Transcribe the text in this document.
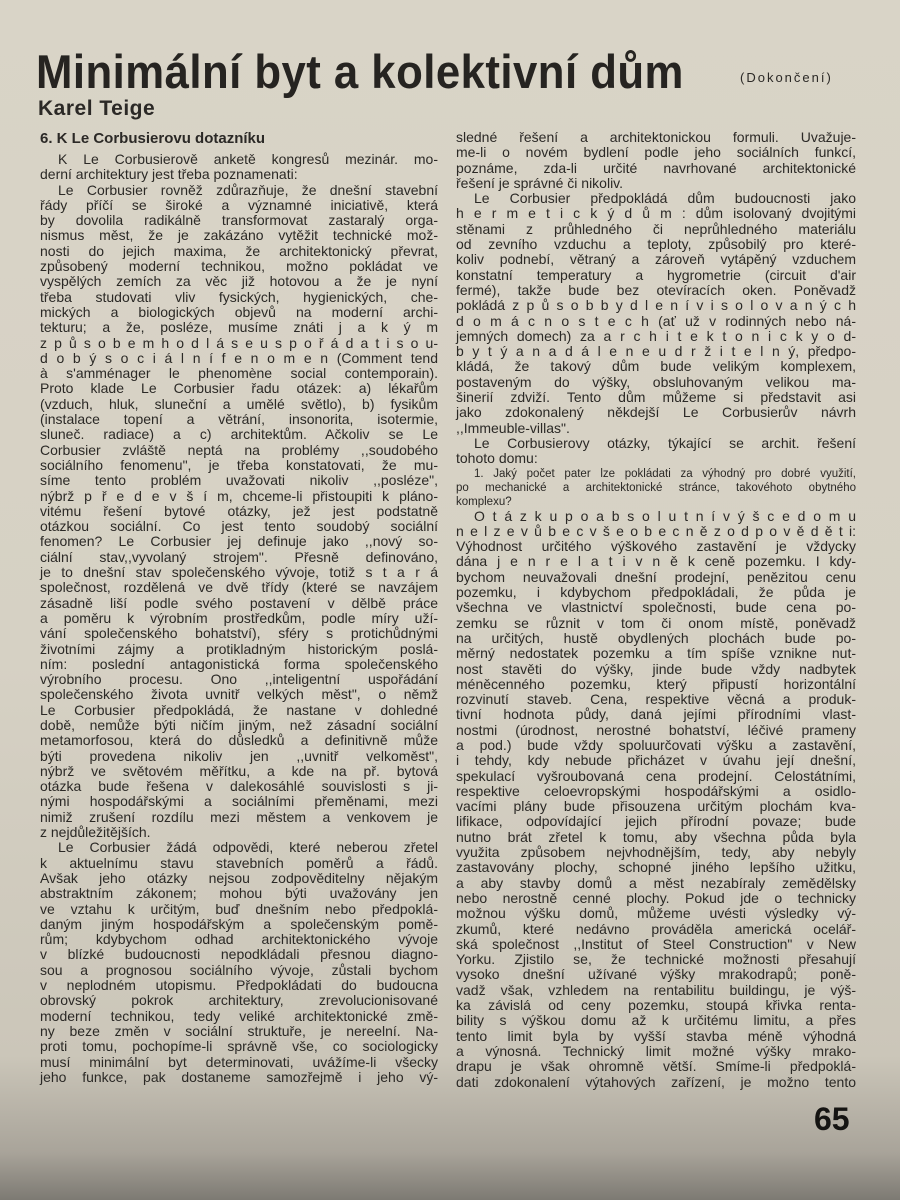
Minimální byt a kolektivní dům	(Dokončení)
Karel Teige
6. K Le Corbusierovu dotazníku
K Le Corbusierově anketě kongresů mezinár. mo-
derní architektury jest třeba poznamenati:
Le Corbusier rovněž zdůrazňuje, že dnešní stavební
řády příčí se široké a významné iniciativě, která
by dovolila radikálně transformovat zastaralý orga-
nismus měst, že je zakázáno vytěžit technické mož-
nosti do jejich maxima, že architektonický převrat,
způsobený moderní technikou, možno pokládat ve
vyspělých zemích za věc již hotovou a že je nyní
třeba studovati vliv fysických, hygienických, che-
mických a biologických objevů na moderní archi-
tekturu; a že, posléze, musíme znáti j a k ý m
z p ů s o b e m h o d l á s e u s p o ř á d a t i s o u-
d o b ý s o c i á l n í f e n o m e n (Comment tend
à s'amménager le phenomène social contemporain).
Proto klade Le Corbusier řadu otázek: a) lékařům
(vzduch, hluk, sluneční a umělé světlo), b) fysikům
(instalace topení a větrání, insonorita, isotermie,
sluneč. radiace) a c) architektům. Ačkoliv se Le
Corbusier zvláště neptá na problémy ,,soudobého
sociálního fenomenu", je třeba konstatovati, že mu-
síme tento problém uvažovati nikoliv ,,posléze",
nýbrž p ř e d e v š í m, chceme-li přistoupiti k pláno-
vitému řešení bytové otázky, jež jest podstatně
otázkou sociální. Co jest tento soudobý sociální
fenomen? Le Corbusier jej definuje jako ,,nový so-
ciální stav,,vyvolaný strojem". Přesně definováno,
je to dnešní stav společenského vývoje, totiž s t a r á
společnost, rozdělená ve dvě třídy (které se navzájem
zásadně liší podle svého postavení v dělbě práce
a poměru k výrobním prostředkům, podle míry uží-
vání společenského bohatství), sféry s protichůdnými
životními zájmy a protikladným historickým poslá-
ním: poslední antagonistická forma společenského
výrobního procesu. Ono ,,inteligentní uspořádání
společenského života uvnitř velkých měst", o němž
Le Corbusier předpokládá, že nastane v dohledné
době, nemůže býti ničím jiným, než zásadní sociální
metamorfosou, která do důsledků a definitivně může
býti provedena nikoliv jen ,,uvnitř velkoměst",
nýbrž ve světovém měřítku, a kde na př. bytová
otázka bude řešena v dalekosáhlé souvislosti s ji-
nými hospodářskými a sociálními přeměnami, mezi
nimiž zrušení rozdílu mezi městem a venkovem je
z nejdůležitějších.
Le Corbusier žádá odpovědi, které neberou zřetel
k aktuelnímu stavu stavebních poměrů a řádů.
Avšak jeho otázky nejsou zodpověditelny nějakým
abstraktním zákonem; mohou býti uvažovány jen
ve vztahu k určitým, buď dnešním nebo předpoklá-
daným jiným hospodářským a společenským pomě-
rům; kdybychom odhad architektonického vývoje
v blízké budoucnosti nepodkládali přesnou diagno-
sou a prognosou sociálního vývoje, zůstali bychom
v neplodném utopismu. Předpokládati do budoucna
obrovský pokrok architektury, zrevolucionisované
moderní technikou, tedy veliké architektonické změ-
ny beze změn v sociální struktuře, je nereelní. Na-
proti tomu, pochopíme-li správně vše, co sociologicky
musí minimální byt determinovati, uvážíme-li všecky
jeho funkce, pak dostaneme samozřejmě i jeho vý-
sledné řešení a architektonickou formuli. Uvažuje-
me-li o novém bydlení podle jeho sociálních funkcí,
poznáme, zda-li určité navrhované architektonické
řešení je správné či nikoliv.
Le Corbusier předpokládá dům budoucnosti jako
h e r m e t i c k ý d ů m : dům isolovaný dvojitými
stěnami z průhledného či neprůhledného materiálu
od zevního vzduchu a teploty, způsobilý pro které-
koliv podnebí, větraný a zároveň vytápěný vzduchem
konstatní temperatury a hygrometrie (circuit d'air
fermé), takže bude bez otevíracích oken. Poněvadž
pokládá z p ů s o b b y d l e n í v i s o l o v a n ý c h
d o m á c n o s t e c h (ať už v rodinných nebo ná-
jemných domech) za a r c h i t e k t o n i c k y o d-
b y t ý a n a d á l e n e u d r ž i t e l n ý, předpo-
kládá, že takový dům bude velikým komplexem,
postaveným do výšky, obsluhovaným velikou ma-
šinerií zdviží. Tento dům můžeme si představit asi
jako zdokonalený někdejší Le Corbusierův návrh
,,Immeuble-villas".
Le Corbusierovy otázky, týkající se archit. řešení
tohoto domu:
1. Jaký počet pater lze pokládati za výhodný pro dobré využití,
po mechanické a architektonické stránce, takovéhoto obytného
komplexu?
O t á z k u p o a b s o l u t n í v ý š c e d o m u
n e l z e v ů b e c v š e o b e c n ě z o d p o v ě d ě t i:
Výhodnost určitého výškového zastavění je vždycky
dána j e n r e l a t i v n ě k ceně pozemku. I kdy-
bychom neuvažovali dnešní prodejní, penězitou cenu
pozemku, i kdybychom předpokládali, že půda je
všechna ve vlastnictví společnosti, bude cena po-
zemku se různit v tom či onom místě, poněvadž
na určitých, hustě obydlených plochách bude po-
měrný nedostatek pozemku a tím spíše vznikne nut-
nost stavěti do výšky, jinde bude vždy nadbytek
méněcenného pozemku, který připustí horizontální
rozvinutí staveb. Cena, respektive věcná a produk-
tivní hodnota půdy, daná jejími přírodními vlast-
nostmi (úrodnost, nerostné bohatství, léčivé prameny
a pod.) bude vždy spoluurčovati výšku a zastavění,
i tehdy, kdy nebude přicházet v úvahu její dnešní,
spekulací vyšroubovaná cena prodejní. Celostátními,
respektive celoevropskými hospodářskými a osidlo-
vacími plány bude přisouzena určitým plochám kva-
lifikace, odpovídající jejich přírodní povaze; bude
nutno brát zřetel k tomu, aby všechna půda byla
využita způsobem nejvhodnějším, tedy, aby nebyly
zastavovány plochy, schopné jiného lepšího užitku,
a aby stavby domů a měst nezabíraly zemědělsky
nebo nerostně cenné plochy. Pokud jde o technicky
možnou výšku domů, můžeme uvésti výsledky vý-
zkumů, které nedávno prováděla americká ocelář-
ská společnost ,,Institut of Steel Construction" v New
Yorku. Zjistilo se, že technické možnosti přesahují
vysoko dnešní užívané výšky mrakodrapů; poně-
vadž však, vzhledem na rentabilitu buildingu, je výš-
ka závislá od ceny pozemku, stoupá křivka renta-
bility s výškou domu až k určitému limitu, a přes
tento limit byla by vyšší stavba méně výhodná
a výnosná. Technický limit možné výšky mrako-
drapu je však ohromně větší. Smíme-li předpoklá-
dati zdokonalení výtahových zařízení, je možno tento
65
